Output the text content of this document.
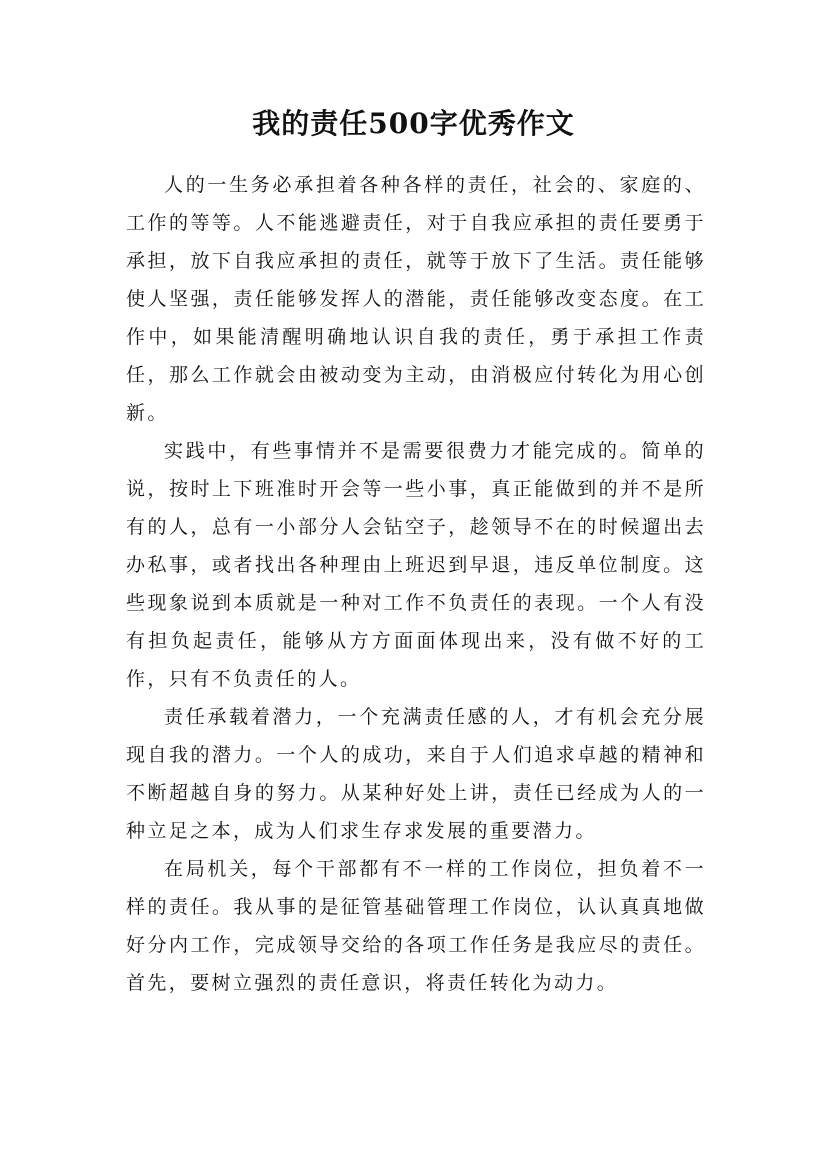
我的责任500字优秀作文

人的一生务必承担着各种各样的责任，社会的、家庭的、工作的等等。人不能逃避责任，对于自我应承担的责任要勇于承担，放下自我应承担的责任，就等于放下了生活。责任能够使人坚强，责任能够发挥人的潜能，责任能够改变态度。在工作中，如果能清醒明确地认识自我的责任，勇于承担工作责任，那么工作就会由被动变为主动，由消极应付转化为用心创新。

实践中，有些事情并不是需要很费力才能完成的。简单的说，按时上下班准时开会等一些小事，真正能做到的并不是所有的人，总有一小部分人会钻空子，趁领导不在的时候遛出去办私事，或者找出各种理由上班迟到早退，违反单位制度。这些现象说到本质就是一种对工作不负责任的表现。一个人有没有担负起责任，能够从方方面面体现出来，没有做不好的工作，只有不负责任的人。

责任承载着潜力，一个充满责任感的人，才有机会充分展现自我的潜力。一个人的成功，来自于人们追求卓越的精神和不断超越自身的努力。从某种好处上讲，责任已经成为人的一种立足之本，成为人们求生存求发展的重要潜力。

在局机关，每个干部都有不一样的工作岗位，担负着不一样的责任。我从事的是征管基础管理工作岗位，认认真真地做好分内工作，完成领导交给的各项工作任务是我应尽的责任。首先，要树立强烈的责任意识，将责任转化为动力。
